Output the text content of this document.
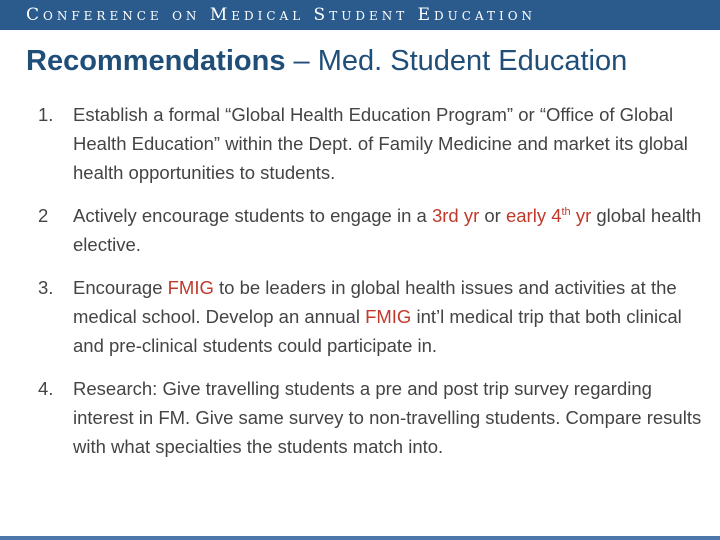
Conference on Medical Student Education
Recommendations – Med. Student Education
1.	Establish a formal “Global Health Education Program” or “Office of Global Health Education” within the Dept. of Family Medicine and market its global health opportunities to students.
2	Actively encourage students to engage in a 3rd yr or early 4th yr global health elective.
3.	Encourage FMIG to be leaders in global health issues and activities at the medical school. Develop an annual FMIG int’l medical trip that both clinical and pre-clinical students could participate in.
4.	Research: Give travelling students a pre and post trip survey regarding interest in FM. Give same survey to non-travelling students. Compare results with what specialties the students match into.
